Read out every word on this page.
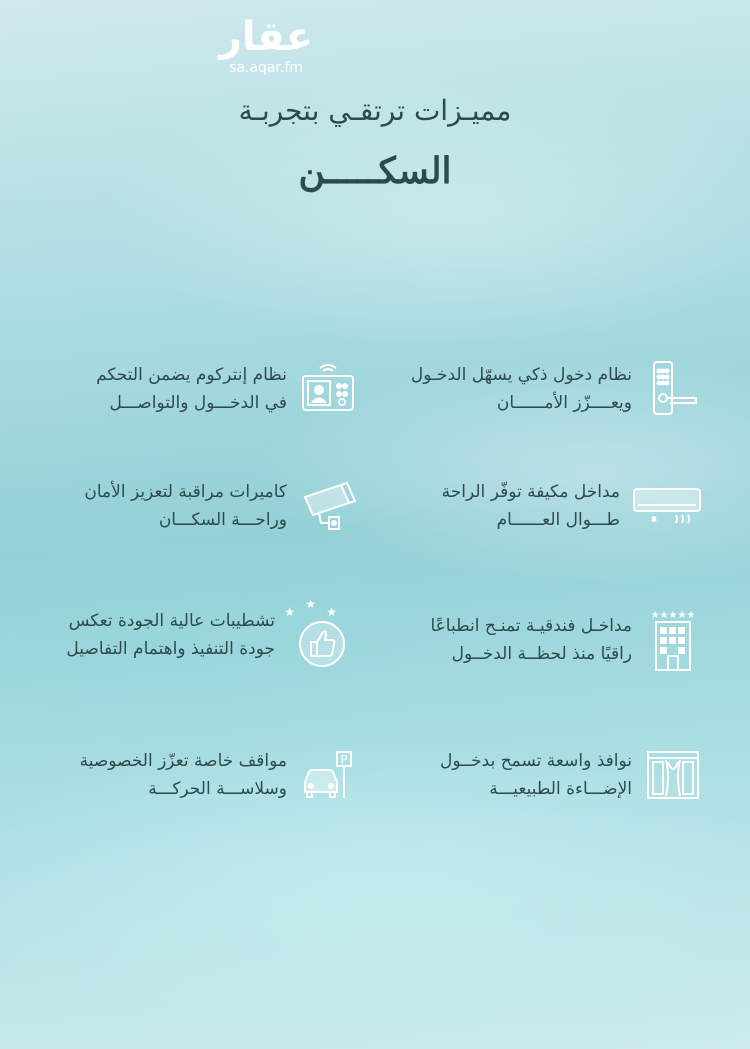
عقار
sa.aqar.fm
مميـزات ترتقـي بتجربـة
السكـــــن
نظام دخول ذكي يسهّل الدخـول
ويعــــزّز الأمــــــان
نظام إنتركوم يضمن التحكم
في الدخـــول والتواصـــل
مداخل مكيفة توفّر الراحة
طـــوال العــــــام
كاميرات مراقبة لتعزيز الأمان
وراحـــة السكـــان
★★★★★
مداخـل فندقيـة تمنـح انطباعًا
راقيًا منذ لحظــة الدخــول
★
★
★
تشطيبات عالية الجودة تعكس
جودة التنفيذ واهتمام التفاصيل
نوافذ واسعة تسمح بدخــول
الإضـــاءة الطبيعيـــة
P
مواقف خاصة تعزّز الخصوصية
وسلاســـة الحركـــة
